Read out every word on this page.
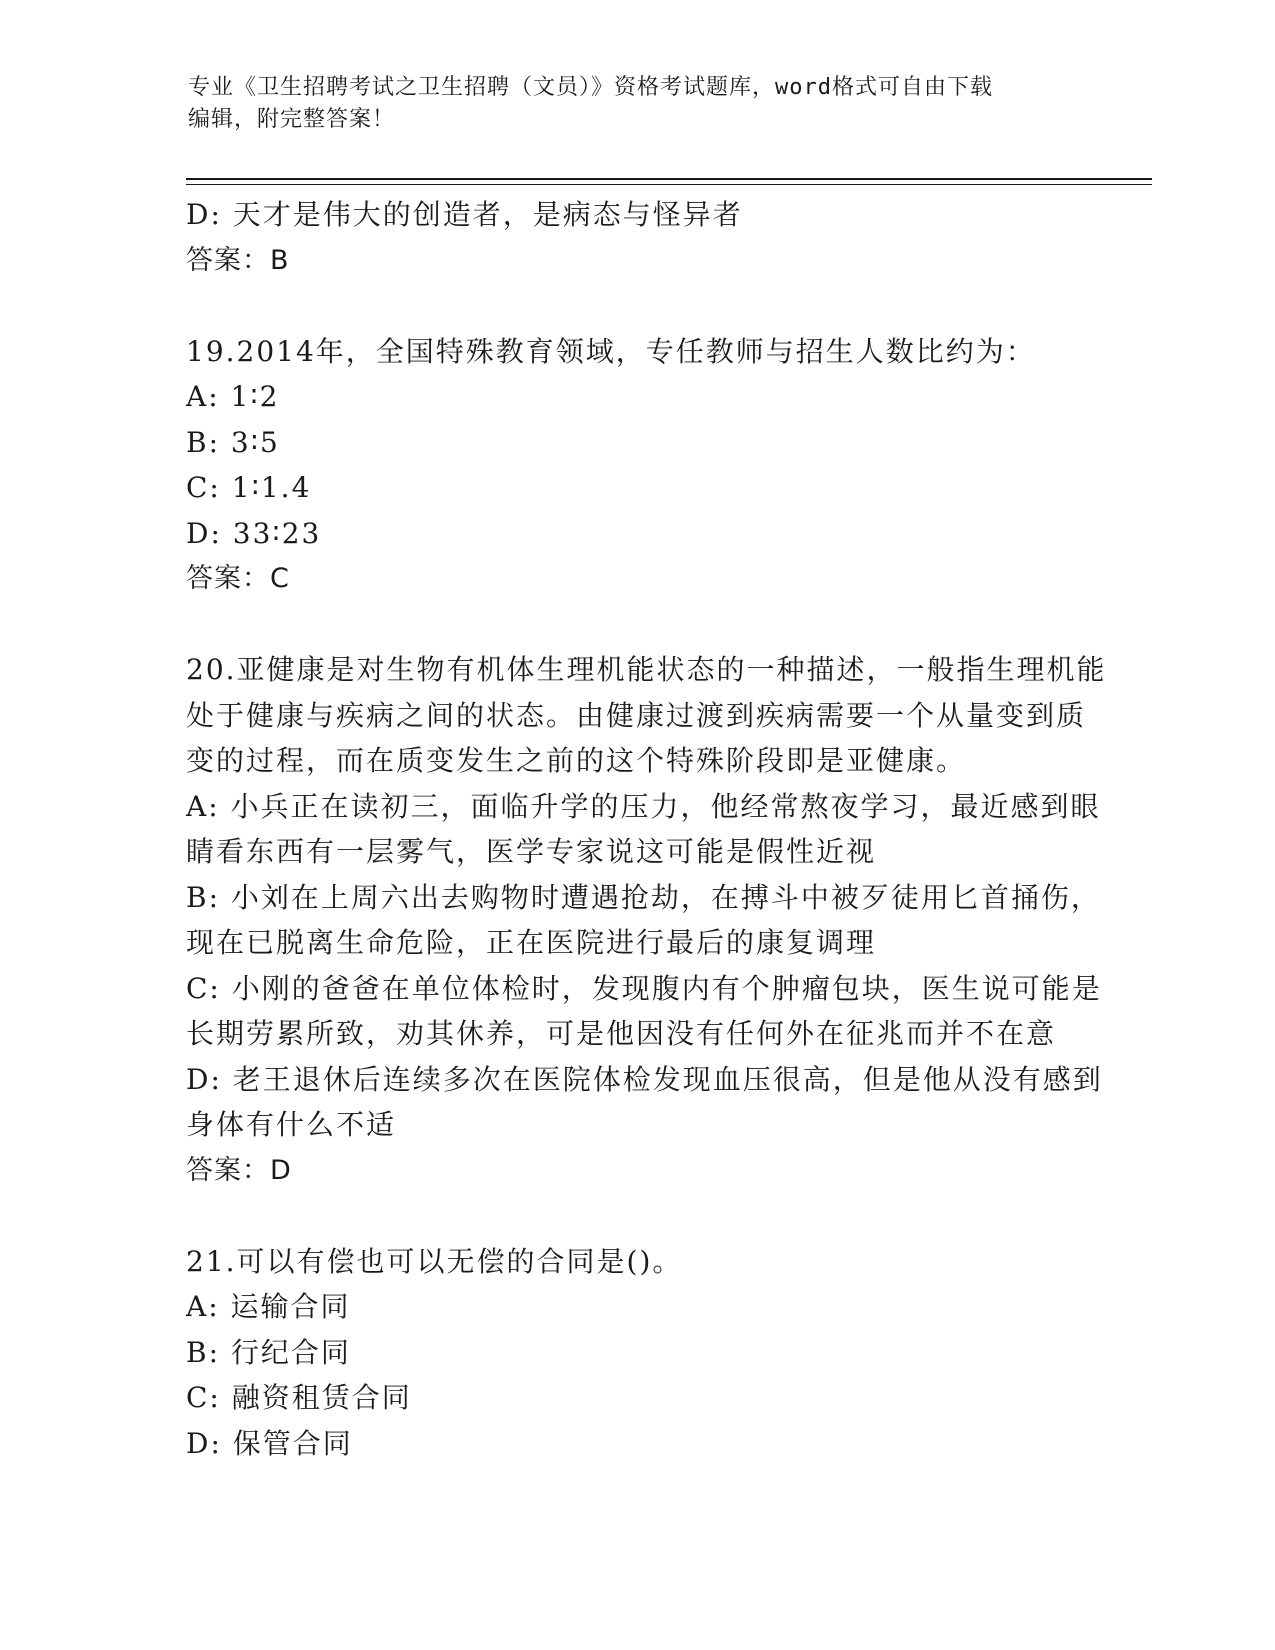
专业《卫生招聘考试之卫生招聘（文员）》资格考试题库，word格式可自由下载
编辑，附完整答案！
D: 天才是伟大的创造者，是病态与怪异者
答案：B
19.2014年，全国特殊教育领域，专任教师与招生人数比约为：
A: 1∶2
B: 3∶5
C: 1∶1.4
D: 33∶23
答案：C
20.亚健康是对生物有机体生理机能状态的一种描述，一般指生理机能
处于健康与疾病之间的状态。由健康过渡到疾病需要一个从量变到质
变的过程，而在质变发生之前的这个特殊阶段即是亚健康。
A: 小兵正在读初三，面临升学的压力，他经常熬夜学习，最近感到眼
睛看东西有一层雾气，医学专家说这可能是假性近视
B: 小刘在上周六出去购物时遭遇抢劫，在搏斗中被歹徒用匕首捅伤，
现在已脱离生命危险，正在医院进行最后的康复调理
C: 小刚的爸爸在单位体检时，发现腹内有个肿瘤包块，医生说可能是
长期劳累所致，劝其休养，可是他因没有任何外在征兆而并不在意
D: 老王退休后连续多次在医院体检发现血压很高，但是他从没有感到
身体有什么不适
答案：D
21.可以有偿也可以无偿的合同是()。
A: 运输合同
B: 行纪合同
C: 融资租赁合同
D: 保管合同
